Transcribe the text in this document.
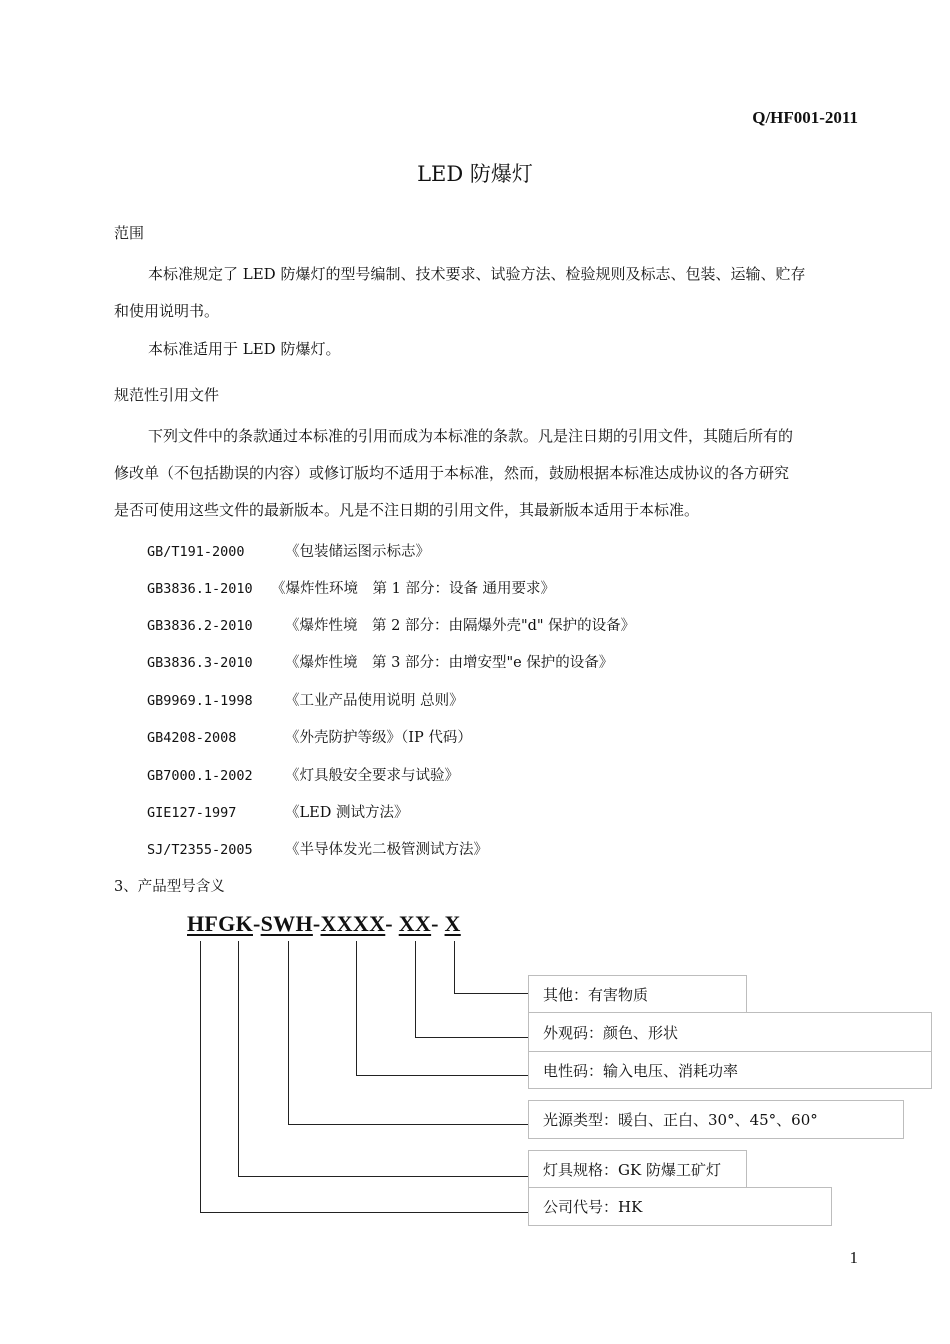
Q/HF001-2011
LED 防爆灯
范围
本标准规定了 LED 防爆灯的型号编制、技术要求、试验方法、检验规则及标志、包装、运输、贮存
和使用说明书。
本标准适用于 LED 防爆灯。
规范性引用文件
下列文件中的条款通过本标准的引用而成为本标准的条款。凡是注日期的引用文件，其随后所有的
修改单（不包括勘误的内容）或修订版均不适用于本标准，然而，鼓励根据本标准达成协议的各方研究
是否可使用这些文件的最新版本。凡是不注日期的引用文件，其最新版本适用于本标准。
GB/T191-2000	《包装储运图示标志》
GB3836.1-2010 《爆炸性环境　第 1 部分：设备 通用要求》
GB3836.2-2010 《爆炸性境　第 2 部分：由隔爆外壳"d" 保护的设备》
GB3836.3-2010 《爆炸性境　第 3 部分：由增安型"e 保护的设备》
GB9969.1-1998 《工业产品使用说明 总则》
GB4208-2008	《外壳防护等级》（IP 代码）
GB7000.1-2002 《灯具般安全要求与试验》
GIE127-1997	《LED 测试方法》
SJ/T2355-2005 《半导体发光二极管测试方法》
3、产品型号含义
HFGK-SWH-XXXX- XX- X
其他：有害物质
外观码：颜色、形状
电性码：输入电压、消耗功率
光源类型：暖白、正白、30°、45°、60°
灯具规格：GK 防爆工矿灯
公司代号：HK
1
